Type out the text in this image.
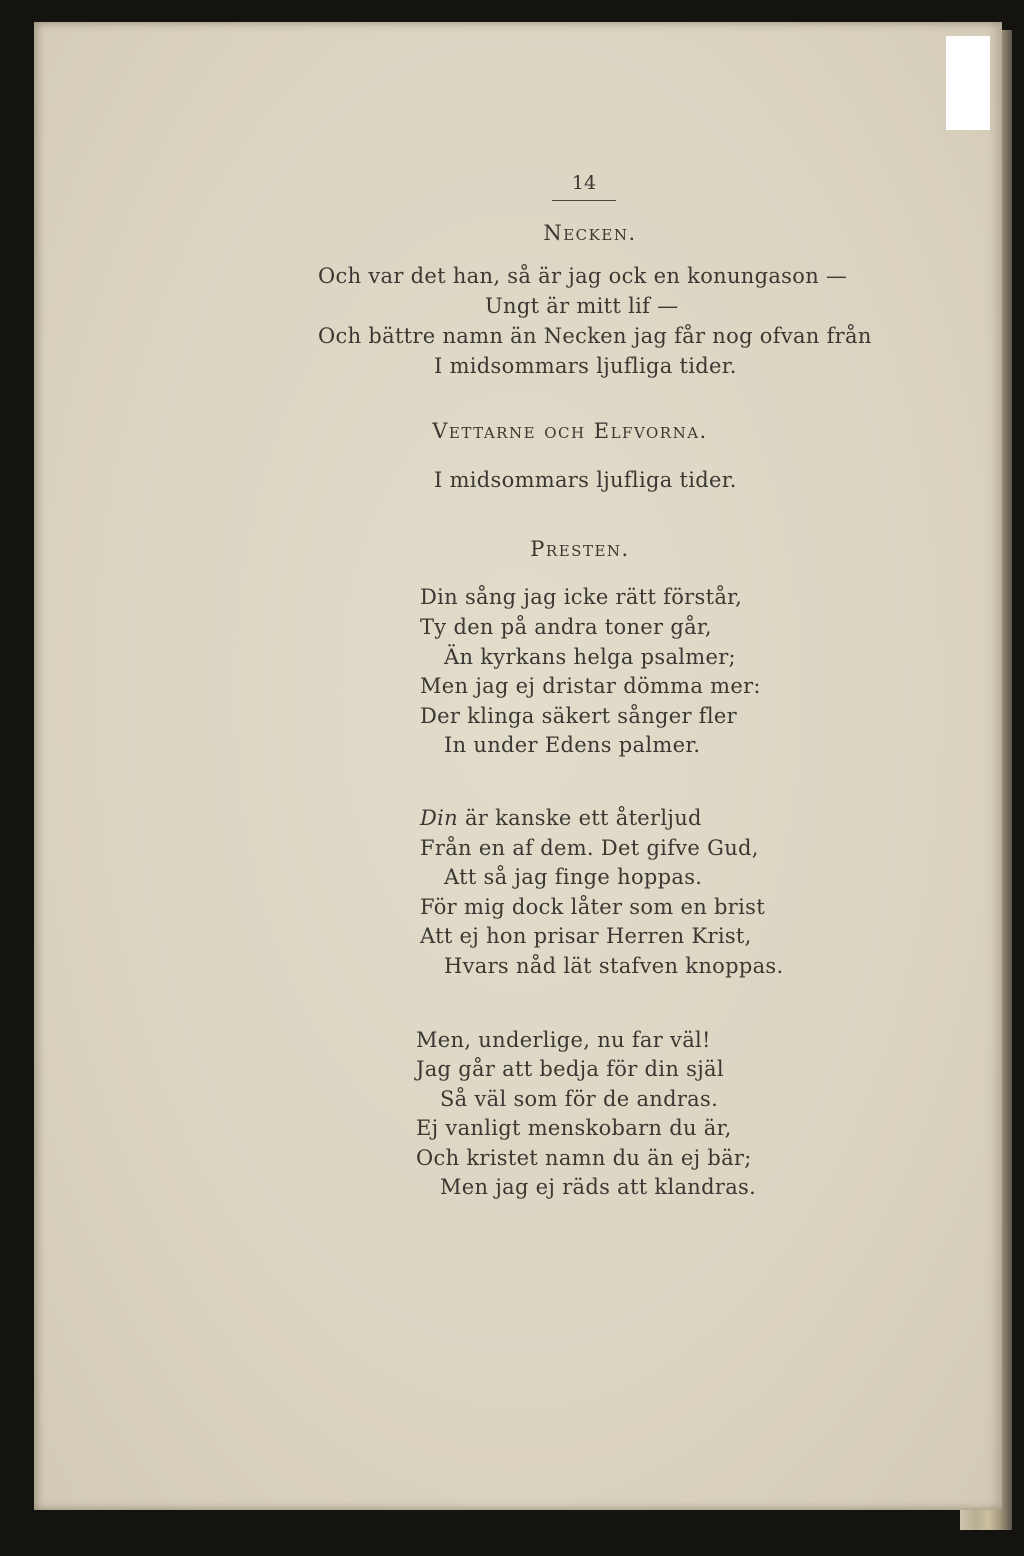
14
Necken.
Och var det han, så är jag ock en konungason —
Ungt är mitt lif —
Och bättre namn än Necken jag får nog ofvan från
I midsommars ljufliga tider.
Vettarne och Elfvorna.
I midsommars ljufliga tider.
Presten.
Din sång jag icke rätt förstår,
Ty den på andra toner går,
Än kyrkans helga psalmer;
Men jag ej dristar dömma mer:
Der klinga säkert sånger fler
In under Edens palmer.
Din är kanske ett återljud
Från en af dem. Det gifve Gud,
Att så jag finge hoppas.
För mig dock låter som en brist
Att ej hon prisar Herren Krist,
Hvars nåd lät stafven knoppas.
Men, underlige, nu far väl!
Jag går att bedja för din själ
Så väl som för de andras.
Ej vanligt menskobarn du är,
Och kristet namn du än ej bär;
Men jag ej räds att klandras.
